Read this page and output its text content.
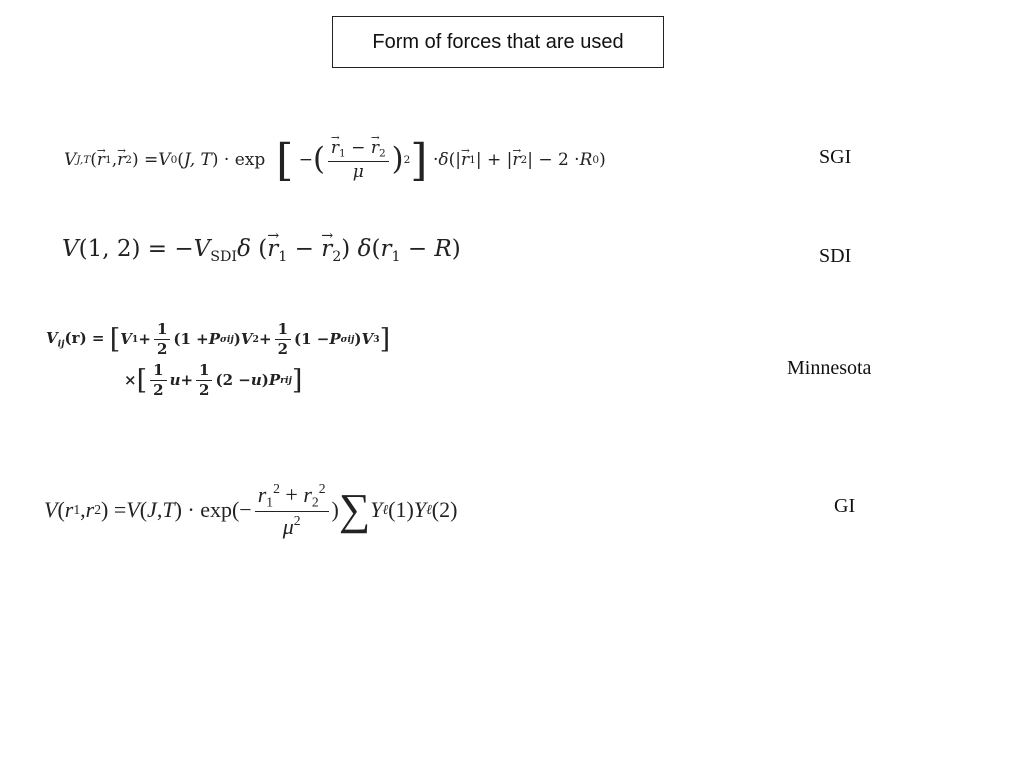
Form of forces that are used
V J,T ( → r 1 , → r 2 ) = V 0 ( J, T ) · exp [ − ( → $\frac{r_1 - \to r_2}{\mu}$ ) 2 ] · δ (| → r 1 | + | → r 2 | − 2 · R 0 )	SGI
V(1, $2) = -V_{SDI}\delta$ (→ $r_1$ − → $r_2$) $\delta(r_1 - R)$	SDI
$V_{ij}(r)$ = [ V $1 + \frac{1}{2} (1 + P$ σ ij ) V $2 + \frac{1}{2} (1 - P$ σ ij ) V 3 ]
× [ $\frac{1}{2}$ $u + \frac{1}{2} (2 - u$ ) P r ij ]	Minnesota
V ( r 1 , r 2 ) = V ( J , T ) · $\exp(- \frac{r_1^2 + r_2^2}{\mu^2}$ ) ∑ Y ℓ (1) Y ℓ (2)	GI
